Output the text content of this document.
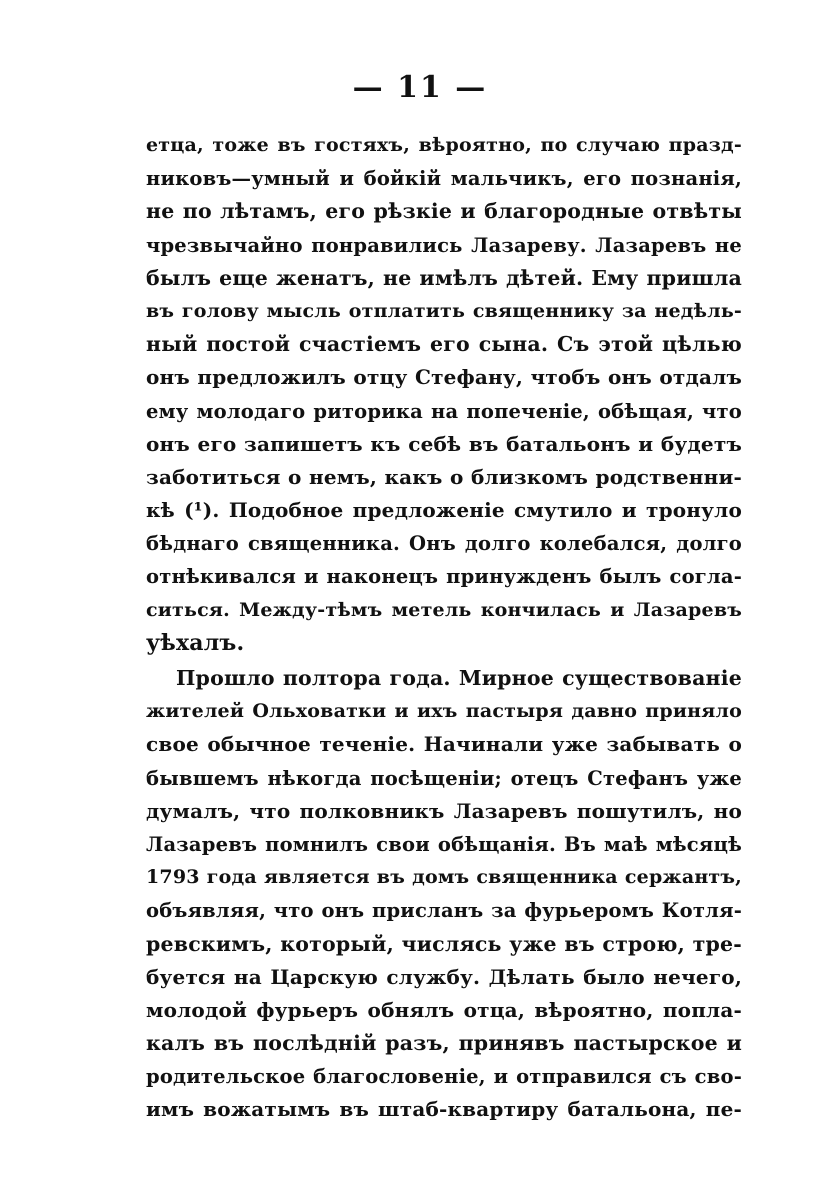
— 11 —
етца, тоже въ гостяхъ, вѣроятно, по случаю празд-
никовъ—умный и бойкій мальчикъ, его познанія,
не по лѣтамъ, его рѣзкіе и благородные отвѣты
чрезвычайно понравились Лазареву. Лазаревъ не
былъ еще женатъ, не имѣлъ дѣтей. Ему пришла
въ голову мысль отплатить священнику за недѣль-
ный постой счастіемъ его сына. Съ этой цѣлью
онъ предложилъ отцу Стефану, чтобъ онъ отдалъ
ему молодаго риторика на попеченіе, обѣщая, что
онъ его запишетъ къ себѣ въ батальонъ и будетъ
заботиться о немъ, какъ о близкомъ родственни-
кѣ (¹). Подобное предложеніе смутило и тронуло
бѣднаго священника. Онъ долго колебался, долго
отнѣкивался и наконецъ принужденъ былъ согла-
ситься. Между-тѣмъ метель кончилась и Лазаревъ
уѣхалъ.
Прошло полтора года. Мирное существованіе
жителей Ольховатки и ихъ пастыря давно приняло
свое обычное теченіе. Начинали уже забывать о
бывшемъ нѣкогда посѣщеніи; отецъ Стефанъ уже
думалъ, что полковникъ Лазаревъ пошутилъ, но
Лазаревъ помнилъ свои обѣщанія. Въ маѣ мѣсяцѣ
1793 года является въ домъ священника сержантъ,
объявляя, что онъ присланъ за фурьеромъ Котля-
ревскимъ, который, числясь уже въ строю, тре-
буется на Царскую службу. Дѣлать было нечего,
молодой фурьеръ обнялъ отца, вѣроятно, попла-
калъ въ послѣдній разъ, принявъ пастырское и
родительское благословеніе, и отправился съ сво-
имъ вожатымъ въ штаб-квартиру батальона, пе-
